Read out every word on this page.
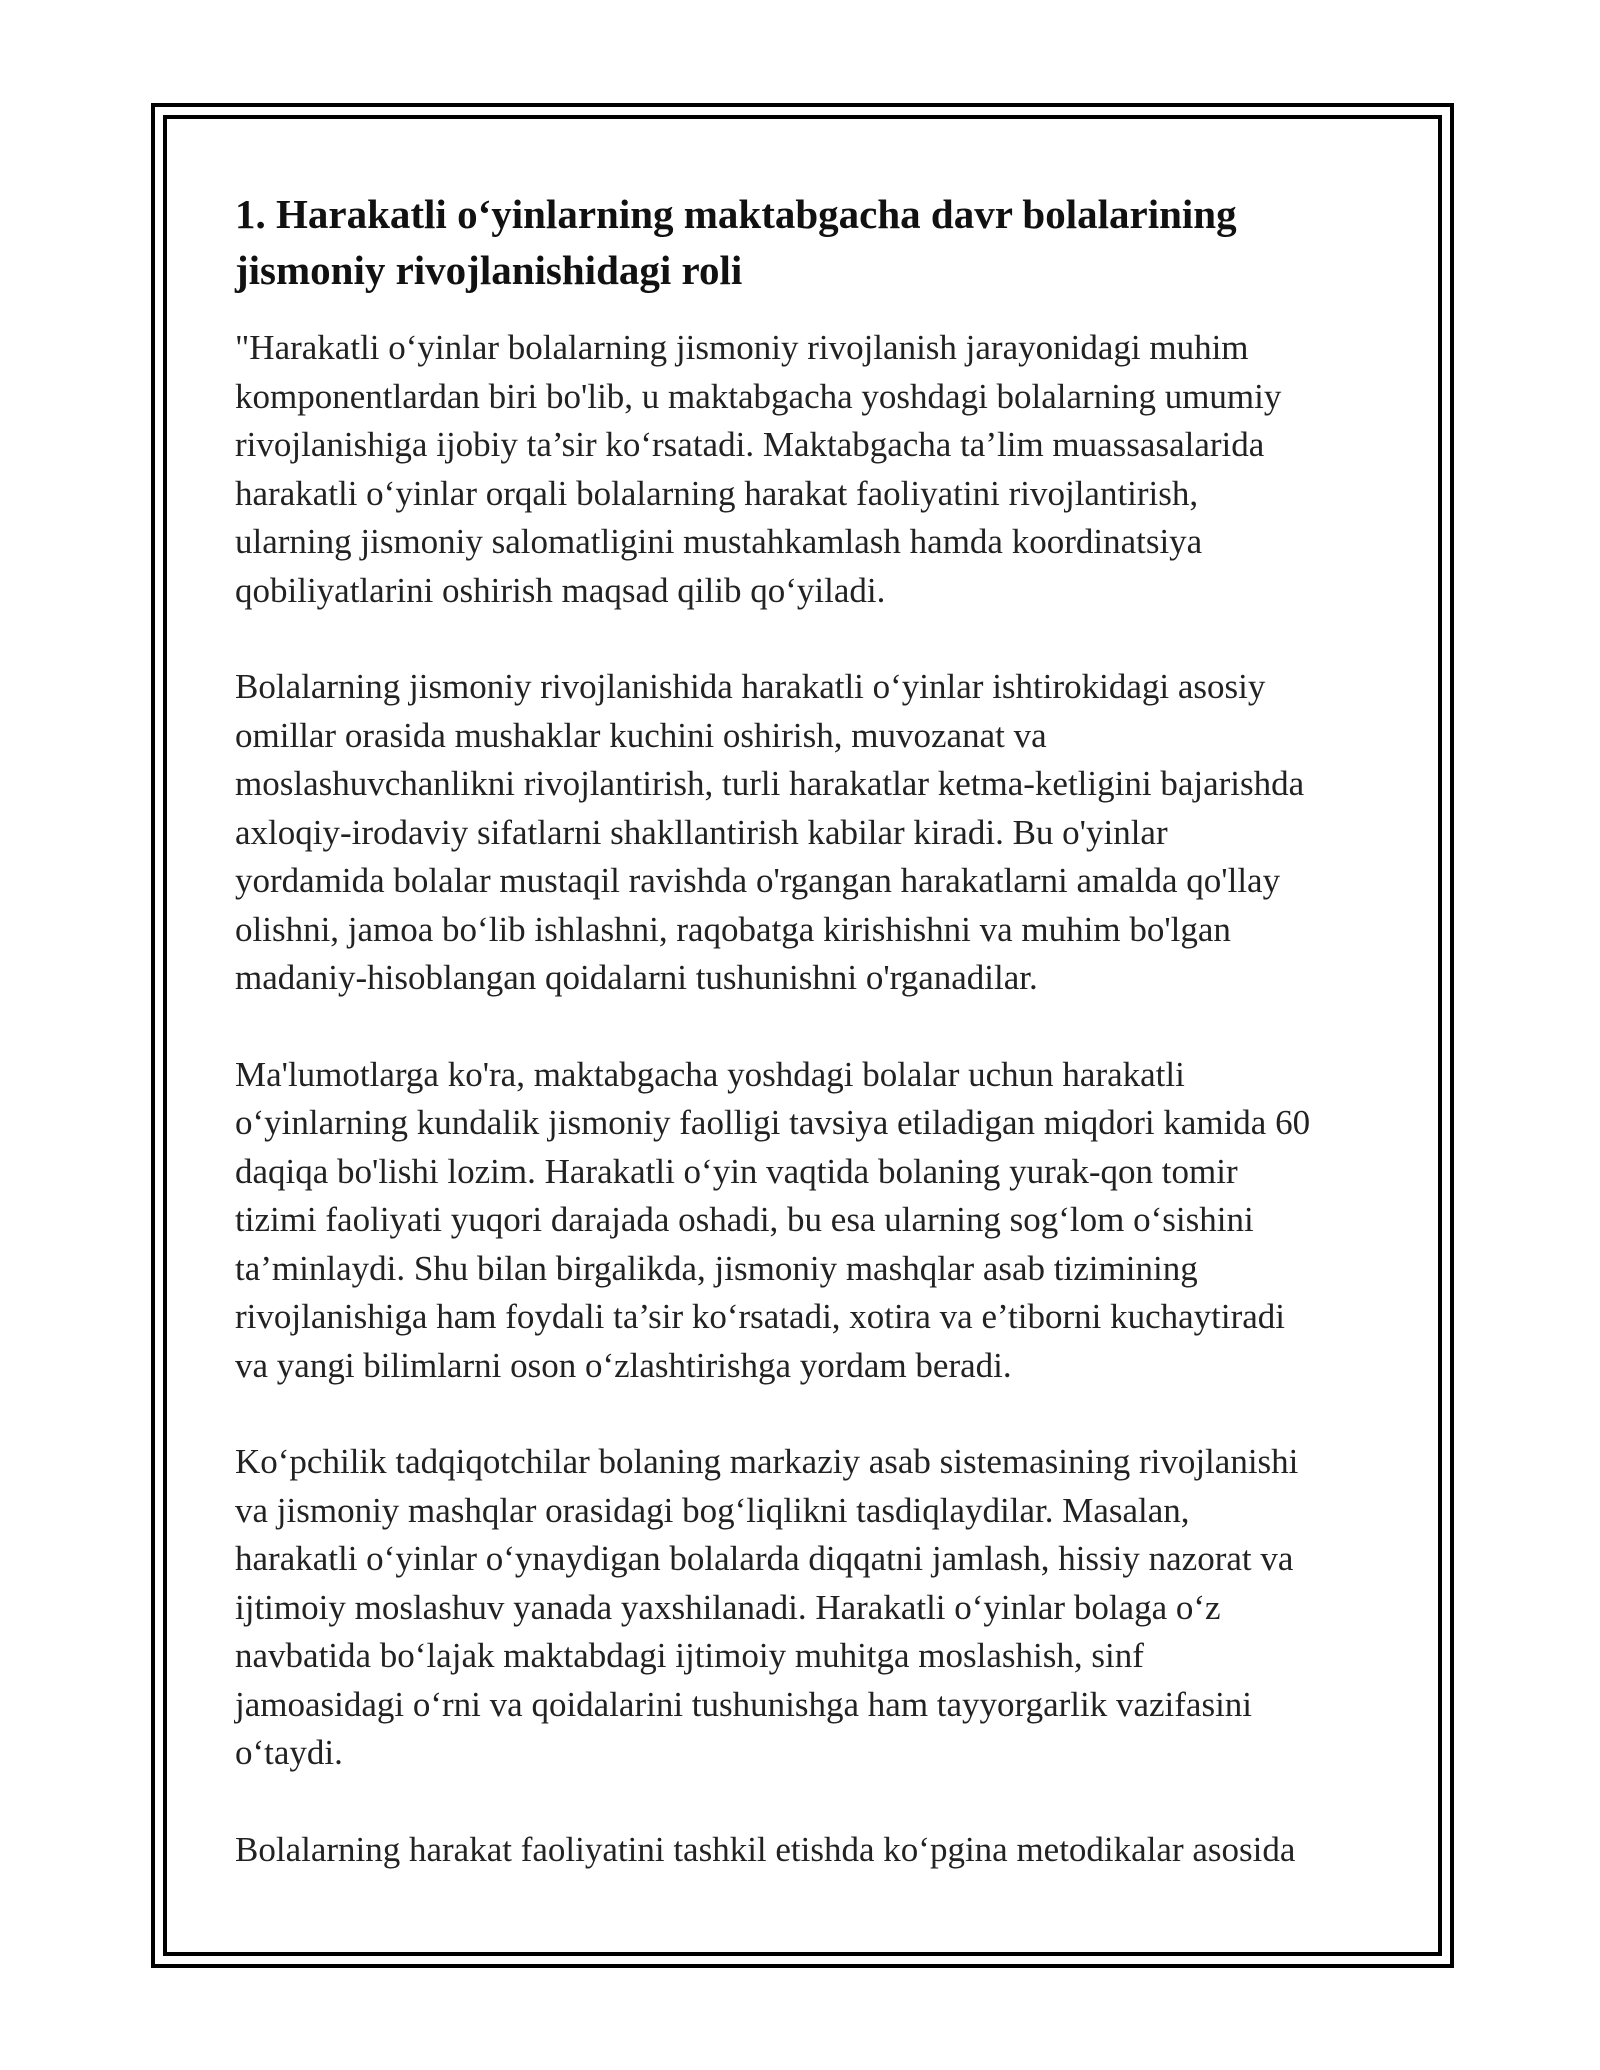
1. Harakatli o‘yinlarning maktabgacha davr bolalarining
jismoniy rivojlanishidagi roli

"Harakatli o‘yinlar bolalarning jismoniy rivojlanish jarayonidagi muhim
komponentlardan biri bo'lib, u maktabgacha yoshdagi bolalarning umumiy
rivojlanishiga ijobiy ta’sir ko‘rsatadi. Maktabgacha ta’lim muassasalarida
harakatli o‘yinlar orqali bolalarning harakat faoliyatini rivojlantirish,
ularning jismoniy salomatligini mustahkamlash hamda koordinatsiya
qobiliyatlarini oshirish maqsad qilib qo‘yiladi.

Bolalarning jismoniy rivojlanishida harakatli o‘yinlar ishtirokidagi asosiy
omillar orasida mushaklar kuchini oshirish, muvozanat va
moslashuvchanlikni rivojlantirish, turli harakatlar ketma-ketligini bajarishda
axloqiy-irodaviy sifatlarni shakllantirish kabilar kiradi. Bu o'yinlar
yordamida bolalar mustaqil ravishda o'rgangan harakatlarni amalda qo'llay
olishni, jamoa bo‘lib ishlashni, raqobatga kirishishni va muhim bo'lgan
madaniy-hisoblangan qoidalarni tushunishni o'rganadilar.

Ma'lumotlarga ko'ra, maktabgacha yoshdagi bolalar uchun harakatli
o‘yinlarning kundalik jismoniy faolligi tavsiya etiladigan miqdori kamida 60
daqiqa bo'lishi lozim. Harakatli o‘yin vaqtida bolaning yurak-qon tomir
tizimi faoliyati yuqori darajada oshadi, bu esa ularning sog‘lom o‘sishini
ta’minlaydi. Shu bilan birgalikda, jismoniy mashqlar asab tizimining
rivojlanishiga ham foydali ta’sir ko‘rsatadi, xotira va e’tiborni kuchaytiradi
va yangi bilimlarni oson o‘zlashtirishga yordam beradi.

Ko‘pchilik tadqiqotchilar bolaning markaziy asab sistemasining rivojlanishi
va jismoniy mashqlar orasidagi bog‘liqlikni tasdiqlaydilar. Masalan,
harakatli o‘yinlar o‘ynaydigan bolalarda diqqatni jamlash, hissiy nazorat va
ijtimoiy moslashuv yanada yaxshilanadi. Harakatli o‘yinlar bolaga o‘z
navbatida bo‘lajak maktabdagi ijtimoiy muhitga moslashish, sinf
jamoasidagi o‘rni va qoidalarini tushunishga ham tayyorgarlik vazifasini
o‘taydi.

Bolalarning harakat faoliyatini tashkil etishda ko‘pgina metodikalar asosida
